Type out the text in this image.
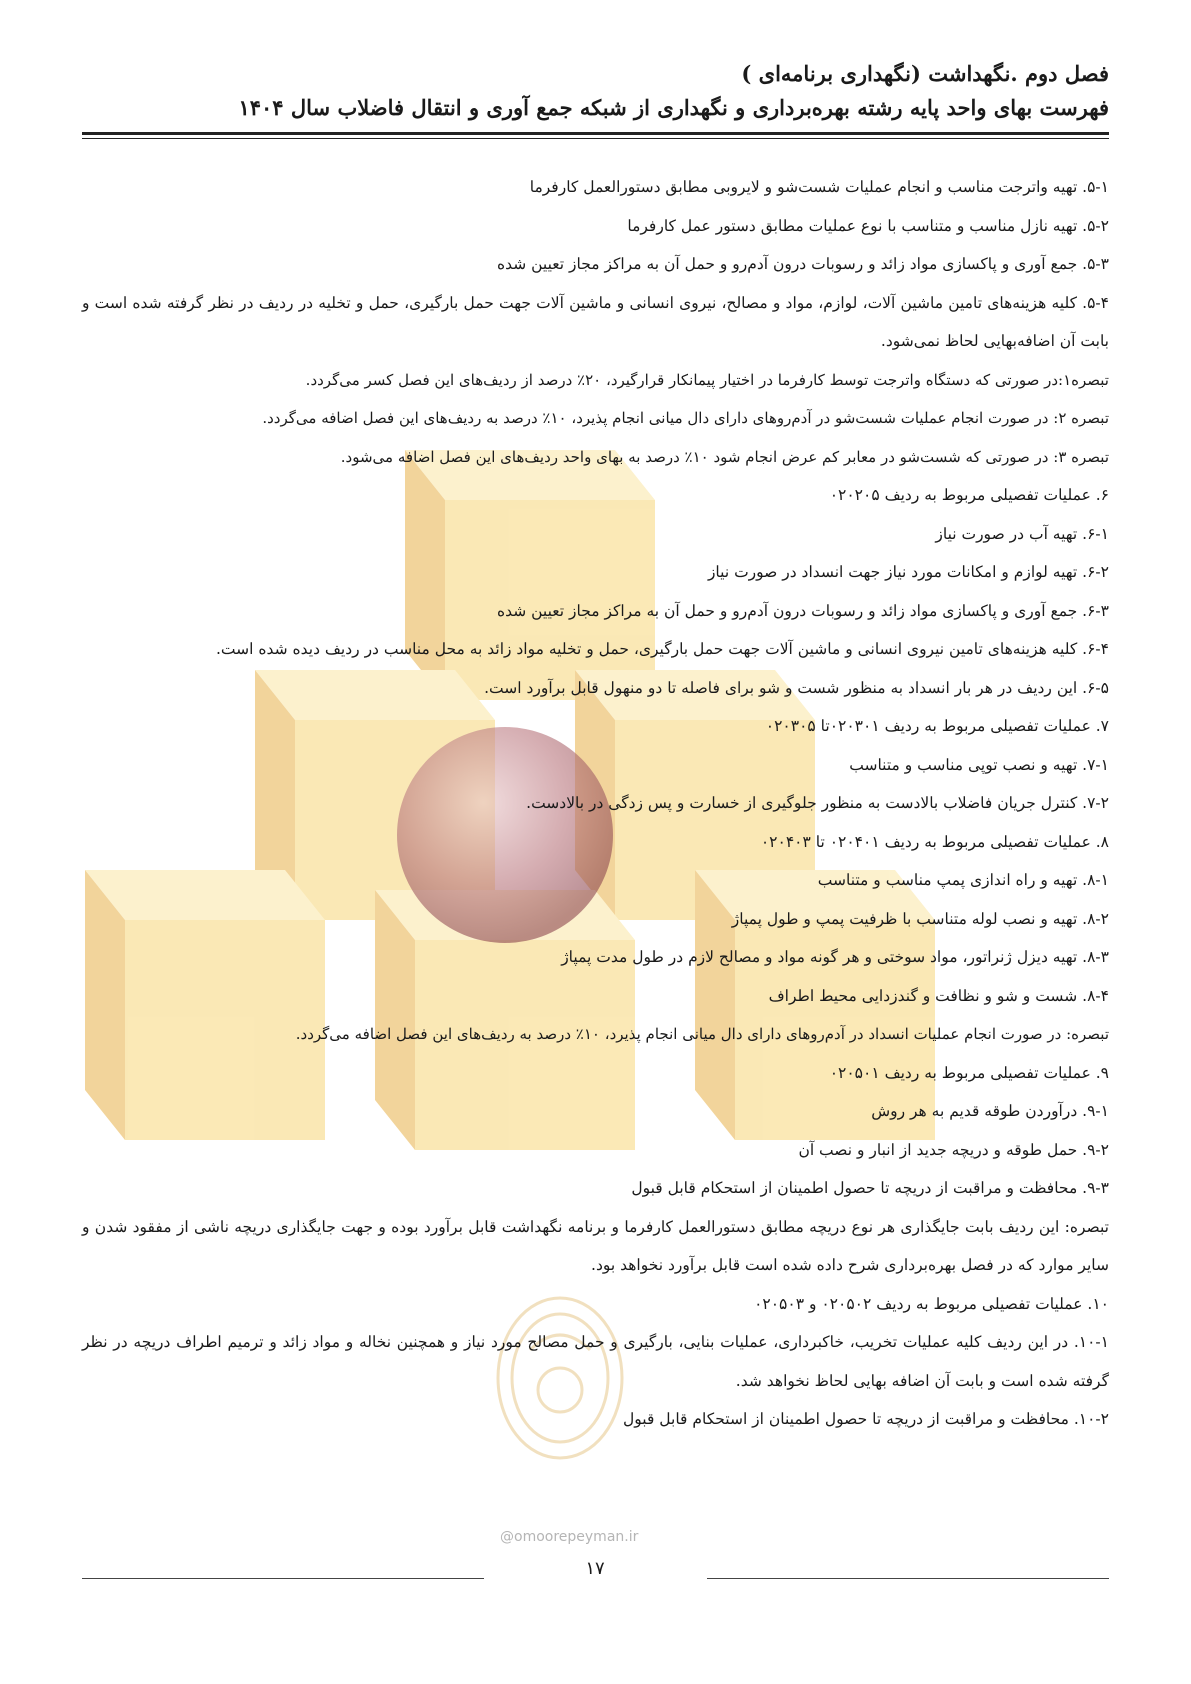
فصل دوم .نگهداشت (نگهداری برنامه‌ای )

فهرست بهای واحد پایه رشته بهره‌برداری و نگهداری از شبکه جمع آوری و انتقال فاضلاب سال ۱۴۰۴

۵-۱. تهیه واترجت مناسب و انجام عملیات شست‌شو و لایروبی مطابق دستورالعمل کارفرما

۵-۲. تهیه نازل مناسب و متناسب با نوع عملیات مطابق دستور عمل کارفرما

۵-۳. جمع آوری و پاکسازی مواد زائد و رسوبات درون آدم‌رو و حمل آن به مراکز مجاز تعیین شده

۵-۴. کلیه هزینه‌های تامین ماشین آلات، لوازم، مواد و مصالح، نیروی انسانی و ماشین آلات جهت حمل بارگیری، حمل و تخلیه در ردیف در نظر گرفته شده است و بابت آن اضافه‌بهایی لحاظ نمی‌شود.

تبصره۱:در صورتی که دستگاه واترجت توسط کارفرما در اختیار پیمانکار قرارگیرد، ۲۰٪ درصد از ردیف‌های این فصل کسر می‌گردد.

تبصره ۲: در صورت انجام عملیات شست‌شو در آدم‌روهای دارای دال میانی انجام پذیرد، ۱۰٪ درصد به ردیف‌های این فصل اضافه می‌گردد.

تبصره ۳: در صورتی که شست‌شو در معابر کم عرض انجام شود ۱۰٪ درصد به بهای واحد ردیف‌های این فصل اضافه می‌شود.

۶. عملیات تفصیلی مربوط به ردیف ۰۲۰۲۰۵

۶-۱. تهیه آب در صورت نیاز

۶-۲. تهیه لوازم و امکانات مورد نیاز جهت انسداد در صورت نیاز

۶-۳. جمع آوری و پاکسازی مواد زائد و رسوبات درون آدم‌رو و حمل آن به مراکز مجاز تعیین شده

۶-۴. کلیه هزینه‌های تامین نیروی انسانی و ماشین آلات جهت حمل بارگیری، حمل و تخلیه مواد زائد به محل مناسب در ردیف دیده شده است.

۶-۵. این ردیف در هر بار انسداد به منظور شست و شو برای فاصله تا دو منهول قابل برآورد است.

۷. عملیات تفصیلی مربوط به ردیف ۰۲۰۳۰۱تا ۰۲۰۳۰۵

۷-۱. تهیه و نصب توپی مناسب و متناسب

۷-۲. کنترل جریان فاضلاب بالادست به منظور جلوگیری از خسارت و پس زدگی در بالادست.

۸. عملیات تفصیلی مربوط به ردیف ۰۲۰۴۰۱ تا ۰۲۰۴۰۳

۸-۱. تهیه و راه اندازی پمپ مناسب و متناسب

۸-۲. تهیه و نصب لوله متناسب با ظرفیت پمپ و طول پمپاژ

۸-۳. تهیه دیزل ژنراتور، مواد سوختی و هر گونه مواد و مصالح لازم در طول مدت پمپاژ

۸-۴. شست و شو و نظافت و گندزدایی محیط اطراف

تبصره: در صورت انجام عملیات انسداد در آدم‌روهای دارای دال میانی انجام پذیرد، ۱۰٪ درصد به ردیف‌های این فصل اضافه می‌گردد.

۹. عملیات تفصیلی مربوط به ردیف ۰۲۰۵۰۱

۹-۱. درآوردن طوقه قدیم به هر روش

۹-۲. حمل طوقه و دریچه جدید از انبار و نصب آن

۹-۳. محافظت و مراقبت از دریچه تا حصول اطمینان از استحکام قابل قبول

تبصره: این ردیف بابت جایگذاری هر نوع دریچه مطابق دستورالعمل کارفرما و برنامه نگهداشت قابل برآورد بوده و جهت جایگذاری دریچه ناشی از مفقود شدن و سایر موارد که در فصل بهره‌برداری شرح داده شده است قابل برآورد نخواهد بود.

۱۰. عملیات تفصیلی مربوط به ردیف ۰۲۰۵۰۲ و ۰۲۰۵۰۳

۱۰-۱. در این ردیف کلیه عملیات تخریب، خاکبرداری، عملیات بنایی، بارگیری و حمل مصالح مورد نیاز و همچنین نخاله و مواد زائد و ترمیم اطراف دریچه در نظر گرفته شده است و بابت آن اضافه بهایی لحاظ نخواهد شد.

۱۰-۲. محافظت و مراقبت از دریچه تا حصول اطمینان از استحکام قابل قبول

@omoorepeyman.ir
۱۷
